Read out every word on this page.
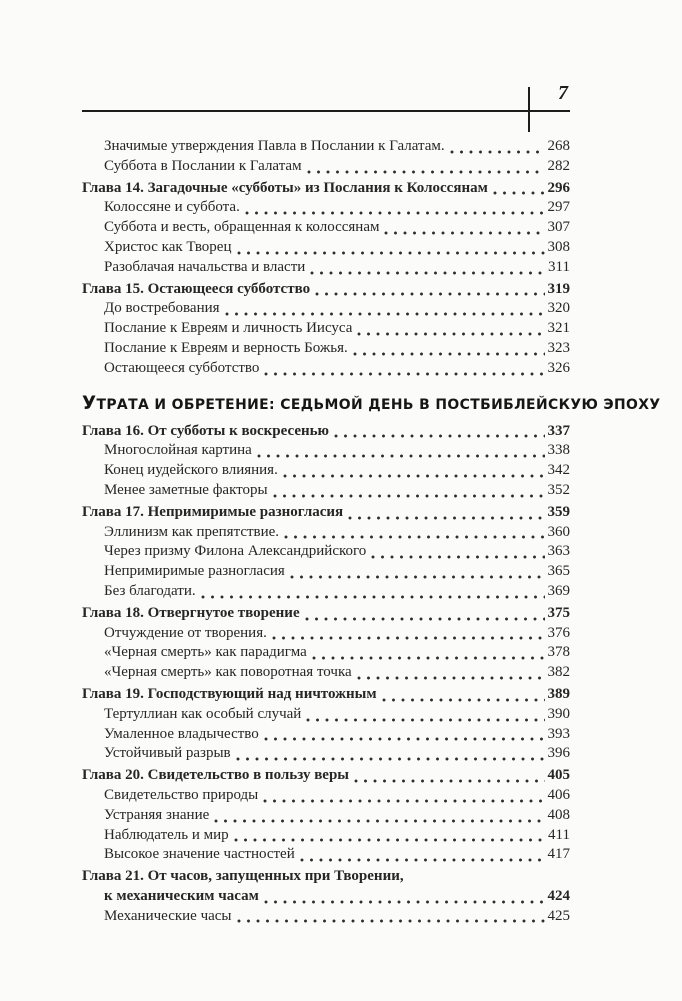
7
Значимые утверждения Павла в Послании к Галатам.	268
Суббота в Послании к Галатам	282
Глава 14. Загадочные «субботы» из Послания к Колоссянам	296
Колоссяне и суббота.	297
Суббота и весть, обращенная к колоссянам	307
Христос как Творец	308
Разоблачая начальства и власти	311
Глава 15. Остающееся субботство	319
До востребования	320
Послание к Евреям и личность Иисуса	321
Послание к Евреям и верность Божья.	323
Остающееся субботство	326
УТРАТА И ОБРЕТЕНИЕ: СЕДЬМОЙ ДЕНЬ В ПОСТБИБЛЕЙСКУЮ ЭПОХУ
Глава 16. От субботы к воскресенью	337
Многослойная картина	338
Конец иудейского влияния.	342
Менее заметные факторы	352
Глава 17. Непримиримые разногласия	359
Эллинизм как препятствие.	360
Через призму Филона Александрийского	363
Непримиримые разногласия	365
Без благодати.	369
Глава 18. Отвергнутое творение	375
Отчуждение от творения.	376
«Черная смерть» как парадигма	378
«Черная смерть» как поворотная точка	382
Глава 19. Господствующий над ничтожным	389
Тертуллиан как особый случай	390
Умаленное владычество	393
Устойчивый разрыв	396
Глава 20. Свидетельство в пользу веры	405
Свидетельство природы	406
Устраняя знание	408
Наблюдатель и мир	411
Высокое значение частностей	417
Глава 21. От часов, запущенных при Творении,
к механическим часам	424
Механические часы	425
